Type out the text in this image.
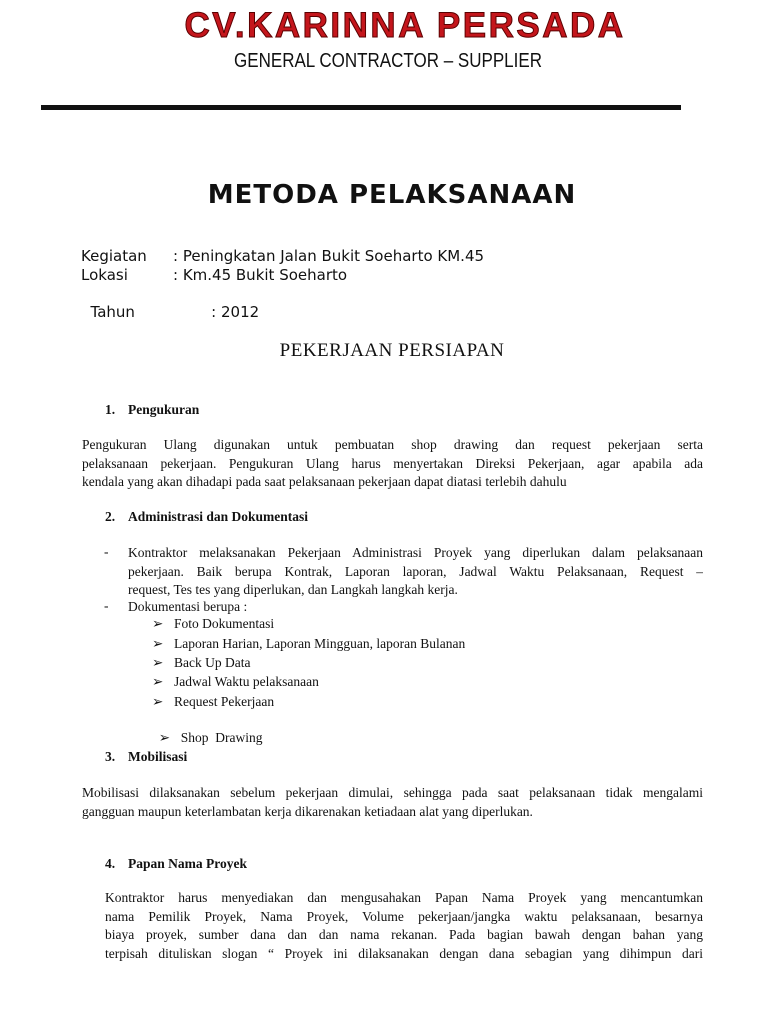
CV.KARINNA PERSADA
GENERAL CONTRACTOR – SUPPLIER
METODA PELAKSANAAN
Kegiatan : Peningkatan Jalan Bukit Soeharto KM.45
Lokasi	: Km.45 Bukit Soeharto

Tahun	: 2012

PEKERJAAN PERSIAPAN
1. Pengukuran
Pengukuran Ulang digunakan untuk pembuatan shop drawing dan request pekerjaan serta
pelaksanaan pekerjaan. Pengukuran Ulang harus menyertakan Direksi Pekerjaan, agar apabila ada
kendala yang akan dihadapi pada saat pelaksanaan pekerjaan dapat diatasi terlebih dahulu
2. Administrasi dan Dokumentasi
- Kontraktor melaksanakan Pekerjaan Administrasi Proyek yang diperlukan dalam pelaksanaan
pekerjaan. Baik berupa Kontrak, Laporan laporan, Jadwal Waktu Pelaksanaan, Request –
request, Tes tes yang diperlukan, dan Langkah langkah kerja.
- Dokumentasi berupa :
➢ Foto Dokumentasi
➢ Laporan Harian, Laporan Mingguan, laporan Bulanan
➢ Back Up Data
➢ Jadwal Waktu pelaksanaan
➢ Request Pekerjaan

➢ Shop  Drawing

3. Mobilisasi
Mobilisasi dilaksanakan sebelum pekerjaan dimulai, sehingga pada saat pelaksanaan tidak mengalami
gangguan maupun keterlambatan kerja dikarenakan ketiadaan alat yang diperlukan.
4. Papan Nama Proyek
Kontraktor harus menyediakan dan mengusahakan Papan Nama Proyek yang mencantumkan
nama Pemilik Proyek, Nama Proyek, Volume pekerjaan/jangka waktu pelaksanaan, besarnya
biaya proyek, sumber dana dan dan nama rekanan. Pada bagian bawah dengan bahan yang
terpisah dituliskan slogan “ Proyek ini dilaksanakan dengan dana sebagian yang dihimpun dari
